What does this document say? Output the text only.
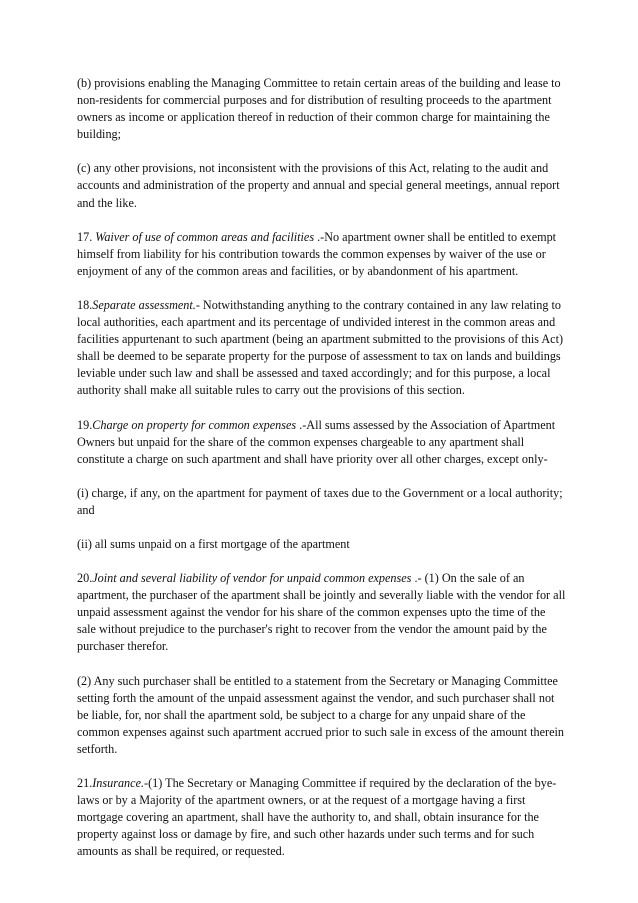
(b) provisions enabling the Managing Committee to retain certain areas of the building and lease to non-residents for commercial purposes and for distribution of resulting proceeds to the apartment owners as income or application thereof in reduction of their common charge for maintaining the building;

(c) any other provisions, not inconsistent with the provisions of this Act, relating to the audit and accounts and administration of the property and annual and special general meetings, annual report and the like.

17. Waiver of use of common areas and facilities .-No apartment owner shall be entitled to exempt himself from liability for his contribution towards the common expenses by waiver of the use or enjoyment of any of the common areas and facilities, or by abandonment of his apartment.

18.Separate assessment.- Notwithstanding anything to the contrary contained in any law relating to local authorities, each apartment and its percentage of undivided interest in the common areas and facilities appurtenant to such apartment (being an apartment submitted to the provisions of this Act) shall be deemed to be separate property for the purpose of assessment to tax on lands and buildings leviable under such law and shall be assessed and taxed accordingly; and for this purpose, a local authority shall make all suitable rules to carry out the provisions of this section.

19.Charge on property for common expenses .-All sums assessed by the Association of Apartment Owners but unpaid for the share of the common expenses chargeable to any apartment shall constitute a charge on such apartment and shall have priority over all other charges, except only-

(i) charge, if any, on the apartment for payment of taxes due to the Government or a local authority; and

(ii) all sums unpaid on a first mortgage of the apartment

20.Joint and several liability of vendor for unpaid common expenses .- (1) On the sale of an apartment, the purchaser of the apartment shall be jointly and severally liable with the vendor for all unpaid assessment against the vendor for his share of the common expenses upto the time of the sale without prejudice to the purchaser's right to recover from the vendor the amount paid by the purchaser therefor.

(2) Any such purchaser shall be entitled to a statement from the Secretary or Managing Committee setting forth the amount of the unpaid assessment against the vendor, and such purchaser shall not be liable, for, nor shall the apartment sold, be subject to a charge for any unpaid share of the common expenses against such apartment accrued prior to such sale in excess of the amount therein setforth.

21.Insurance.-(1) The Secretary or Managing Committee if required by the declaration of the bye-laws or by a Majority of the apartment owners, or at the request of a mortgage having a first mortgage covering an apartment, shall have the authority to, and shall, obtain insurance for the property against loss or damage by fire, and such other hazards under such terms and for such amounts as shall be required, or requested.
